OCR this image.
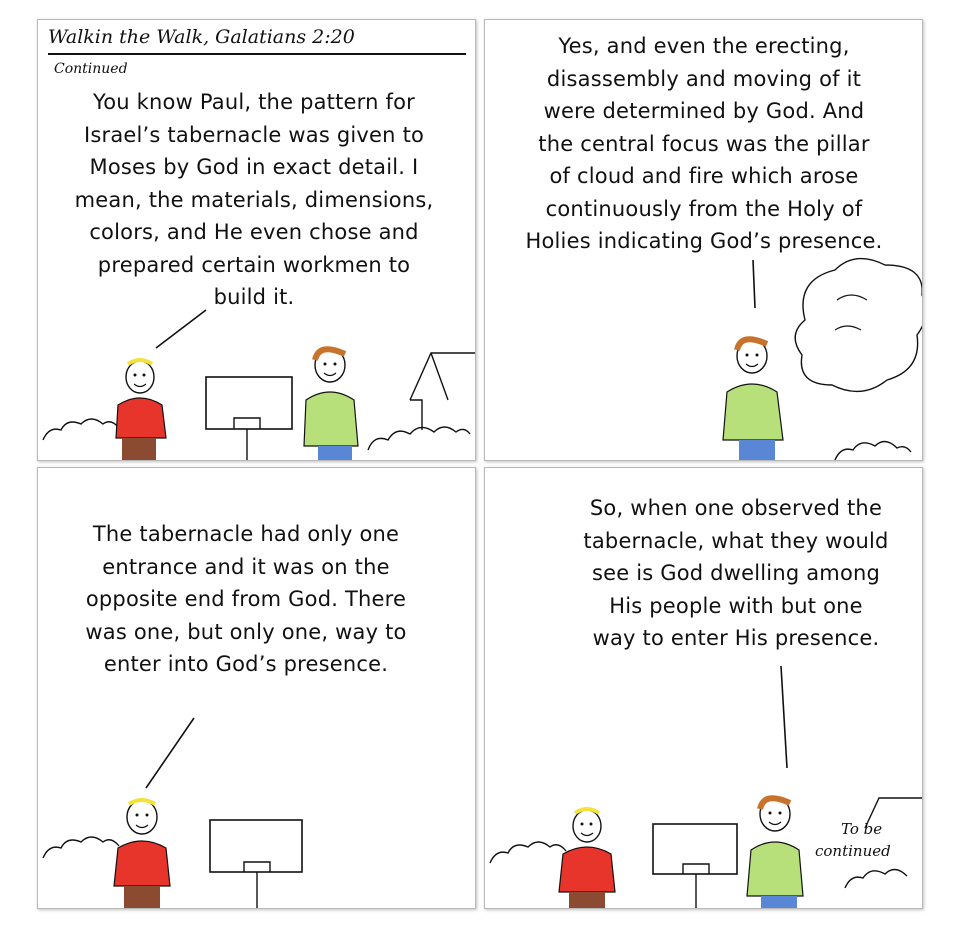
Walkin the Walk, Galatians 2:20
Continued
You know Paul, the pattern for
Israel’s tabernacle was given to
Moses by God in exact detail. I
mean, the materials, dimensions,
colors, and He even chose and
prepared certain workmen to
build it.
Yes, and even the erecting,
disassembly and moving of it
were determined by God. And
the central focus was the pillar
of cloud and fire which arose
continuously from the Holy of
Holies indicating God’s presence.
The tabernacle had only one
entrance and it was on the
opposite end from God. There
was one, but only one, way to
enter into God’s presence.
So, when one observed the
tabernacle, what they would
see is God dwelling among
His people with but one
way to enter His presence.
To be
continued
